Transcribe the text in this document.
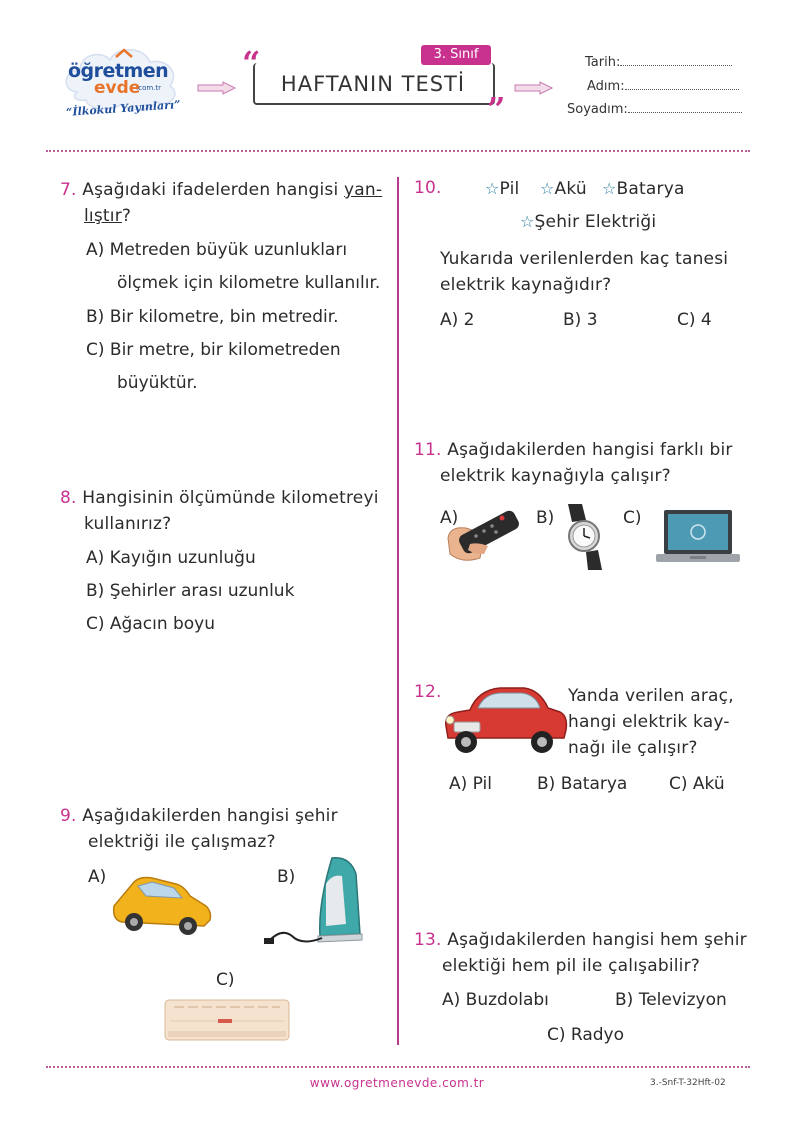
öğretmen
evde
.com.tr
“İlkokul Yayınları”
“
”
3. Sınıf
HAFTANIN TESTİ
Tarih:
Adım:
Soyadım:
7. Aşağıdaki ifadelerden hangisi yan-
lıştır?
A) Metreden büyük uzunlukları
ölçmek için kilometre kullanılır.
B) Bir kilometre, bin metredir.
C) Bir metre, bir kilometreden
büyüktür.
8. Hangisinin ölçümünde kilometreyi
kullanırız?
A) Kayığın uzunluğu
B) Şehirler arası uzunluk
C) Ağacın boyu
9. Aşağıdakilerden hangisi şehir
elektriği ile çalışmaz?
A)	B)
C)
10.	☆Pil ☆Akü ☆Batarya
☆Şehir Elektriği
Yukarıda verilenlerden kaç tanesi
elektrik kaynağıdır?
A) 2	B) 3	C) 4
11. Aşağıdakilerden hangisi farklı bir
elektrik kaynağıyla çalışır?
A)	B)	C)
12.	Yanda verilen araç,
hangi elektrik kay-
nağı ile çalışır?
A) Pil	B) Batarya C) Akü
13. Aşağıdakilerden hangisi hem şehir
elektiği hem pil ile çalışabilir?
A) Buzdolabı	B) Televizyon
C) Radyo
www.ogretmenevde.com.tr	3.-Snf-T-32Hft-02
